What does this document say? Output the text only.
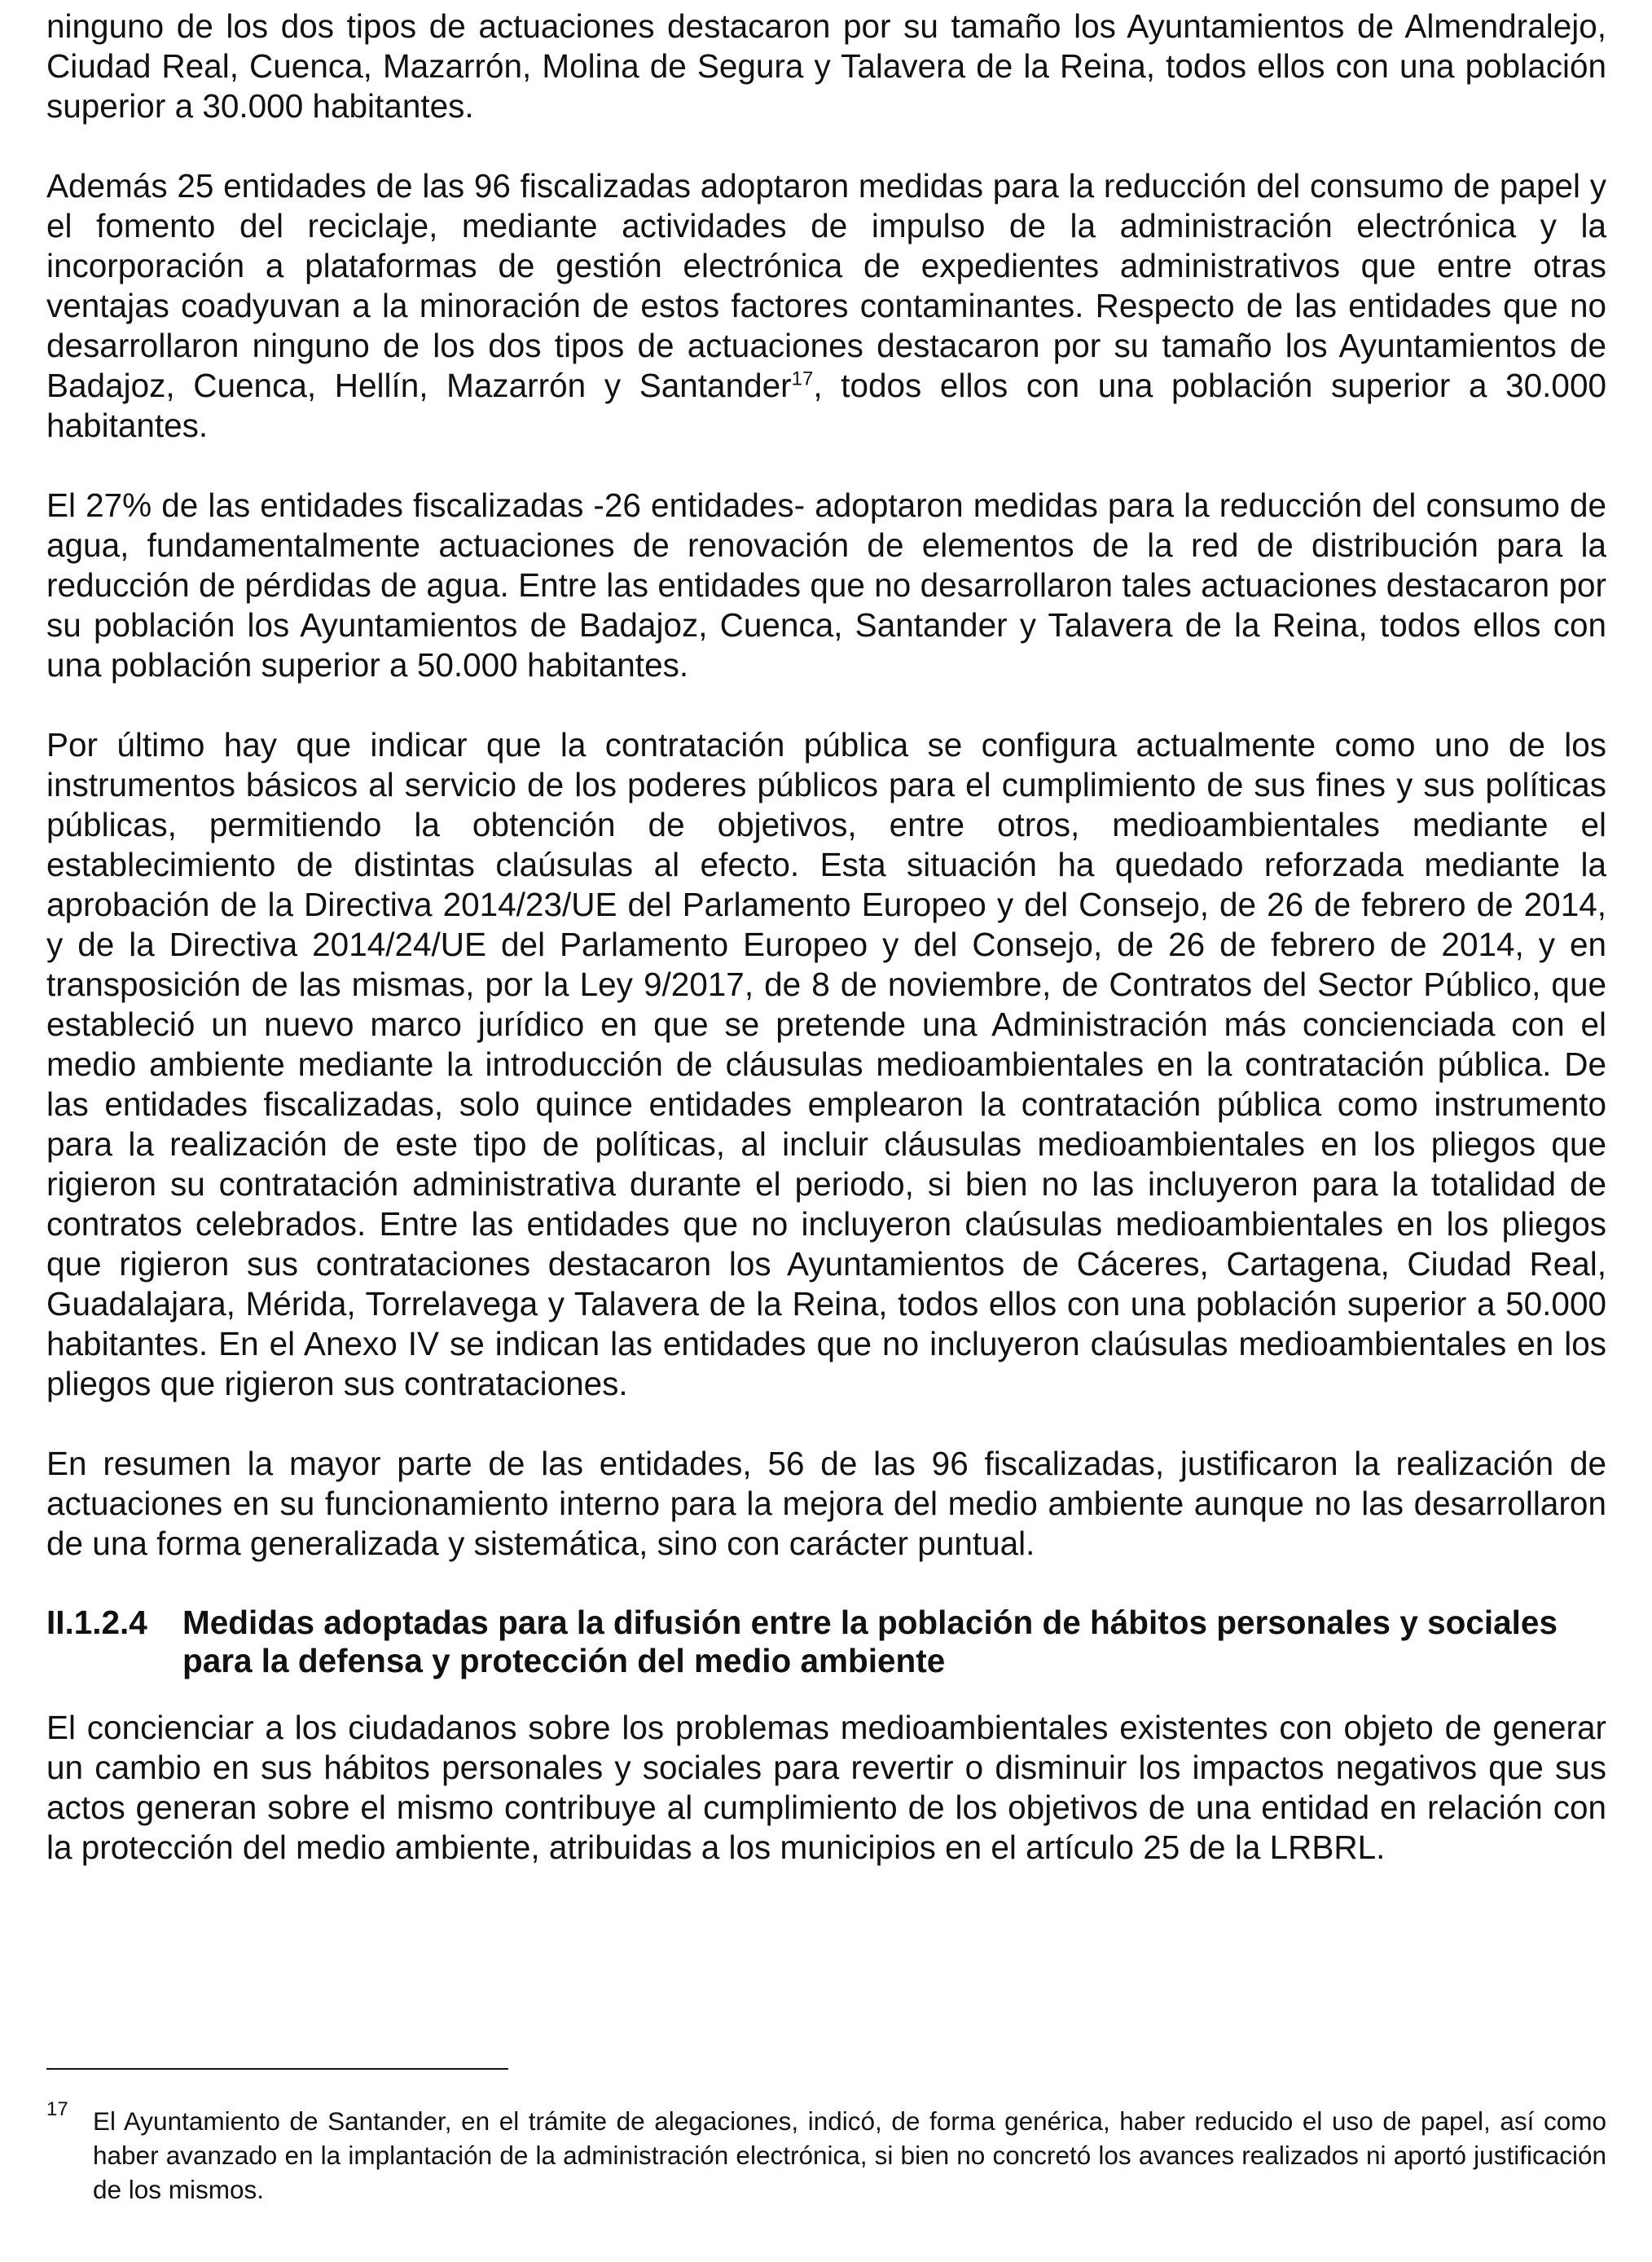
ninguno de los dos tipos de actuaciones destacaron por su tamaño los Ayuntamientos de Almendralejo, Ciudad Real, Cuenca, Mazarrón, Molina de Segura y Talavera de la Reina, todos ellos con una población superior a 30.000 habitantes.

Además 25 entidades de las 96 fiscalizadas adoptaron medidas para la reducción del consumo de papel y el fomento del reciclaje, mediante actividades de impulso de la administración electrónica y la incorporación a plataformas de gestión electrónica de expedientes administrativos que entre otras ventajas coadyuvan a la minoración de estos factores contaminantes. Respecto de las entidades que no desarrollaron ninguno de los dos tipos de actuaciones destacaron por su tamaño los Ayuntamientos de Badajoz, Cuenca, Hellín, Mazarrón y Santander$^{17}$, todos ellos con una población superior a 30.000 habitantes.

El 27% de las entidades fiscalizadas -26 entidades- adoptaron medidas para la reducción del consumo de agua, fundamentalmente actuaciones de renovación de elementos de la red de distribución para la reducción de pérdidas de agua. Entre las entidades que no desarrollaron tales actuaciones destacaron por su población los Ayuntamientos de Badajoz, Cuenca, Santander y Talavera de la Reina, todos ellos con una población superior a 50.000 habitantes.

Por último hay que indicar que la contratación pública se configura actualmente como uno de los instrumentos básicos al servicio de los poderes públicos para el cumplimiento de sus fines y sus políticas públicas, permitiendo la obtención de objetivos, entre otros, medioambientales mediante el establecimiento de distintas claúsulas al efecto. Esta situación ha quedado reforzada mediante la aprobación de la Directiva 2014/23/UE del Parlamento Europeo y del Consejo, de 26 de febrero de 2014, y de la Directiva 2014/24/UE del Parlamento Europeo y del Consejo, de 26 de febrero de 2014, y en transposición de las mismas, por la Ley 9/2017, de 8 de noviembre, de Contratos del Sector Público, que estableció un nuevo marco jurídico en que se pretende una Administración más concienciada con el medio ambiente mediante la introducción de cláusulas medioambientales en la contratación pública. De las entidades fiscalizadas, solo quince entidades emplearon la contratación pública como instrumento para la realización de este tipo de políticas, al incluir cláusulas medioambientales en los pliegos que rigieron su contratación administrativa durante el periodo, si bien no las incluyeron para la totalidad de contratos celebrados. Entre las entidades que no incluyeron claúsulas medioambientales en los pliegos que rigieron sus contrataciones destacaron los Ayuntamientos de Cáceres, Cartagena, Ciudad Real, Guadalajara, Mérida, Torrelavega y Talavera de la Reina, todos ellos con una población superior a 50.000 habitantes. En el Anexo IV se indican las entidades que no incluyeron claúsulas medioambientales en los pliegos que rigieron sus contrataciones.

En resumen la mayor parte de las entidades, 56 de las 96 fiscalizadas, justificaron la realización de actuaciones en su funcionamiento interno para la mejora del medio ambiente aunque no las desarrollaron de una forma generalizada y sistemática, sino con carácter puntual.

II.1.2.4	Medidas adoptadas para la difusión entre la población de hábitos personales y sociales para la defensa y protección del medio ambiente

El concienciar a los ciudadanos sobre los problemas medioambientales existentes con objeto de generar un cambio en sus hábitos personales y sociales para revertir o disminuir los impactos negativos que sus actos generan sobre el mismo contribuye al cumplimiento de los objetivos de una entidad en relación con la protección del medio ambiente, atribuidas a los municipios en el artículo 25 de la LRBRL.

17 El Ayuntamiento de Santander, en el trámite de alegaciones, indicó, de forma genérica, haber reducido el uso de papel, así como haber avanzado en la implantación de la administración electrónica, si bien no concretó los avances realizados ni aportó justificación de los mismos.
